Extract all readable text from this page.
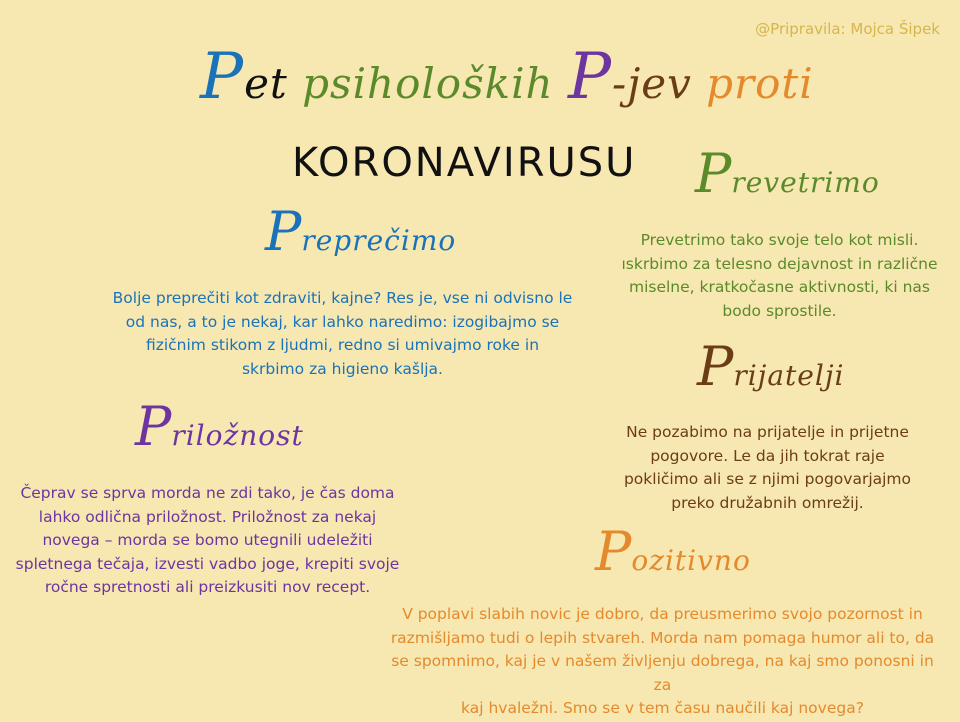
@Pripravila: Mojca Šipek
Pet psiholoških P-jev proti
KORONAVIRUSU
Preprečimo
Bolje preprečiti kot zdraviti, kajne? Res je, vse ni odvisno le
od nas, a to je nekaj, kar lahko naredimo: izogibajmo se
fizičnim stikom z ljudmi, redno si umivajmo roke in
skrbimo za higieno kašlja.
Prevetrimo
Prevetrimo tako svoje telo kot misli.
ıskrbimo za telesno dejavnost in različne
miselne, kratkočasne aktivnosti, ki nas
bodo sprostile.
Priložnost
Čeprav se sprva morda ne zdi tako, je čas doma
lahko odlična priložnost. Priložnost za nekaj
novega – morda se bomo utegnili udeležiti
spletnega tečaja, izvesti vadbo joge, krepiti svoje
ročne spretnosti ali preizkusiti nov recept.
Prijatelji
Ne pozabimo na prijatelje in prijetne
pogovore. Le da jih tokrat raje
pokličimo ali se z njimi pogovarjajmo
preko družabnih omrežij.
Pozitivno
V poplavi slabih novic je dobro, da preusmerimo svojo pozornost in
razmišljamo tudi o lepih stvareh. Morda nam pomaga humor ali to, da
se spomnimo, kaj je v našem življenju dobrega, na kaj smo ponosni in za
kaj hvaležni. Smo se v tem času naučili kaj novega?
